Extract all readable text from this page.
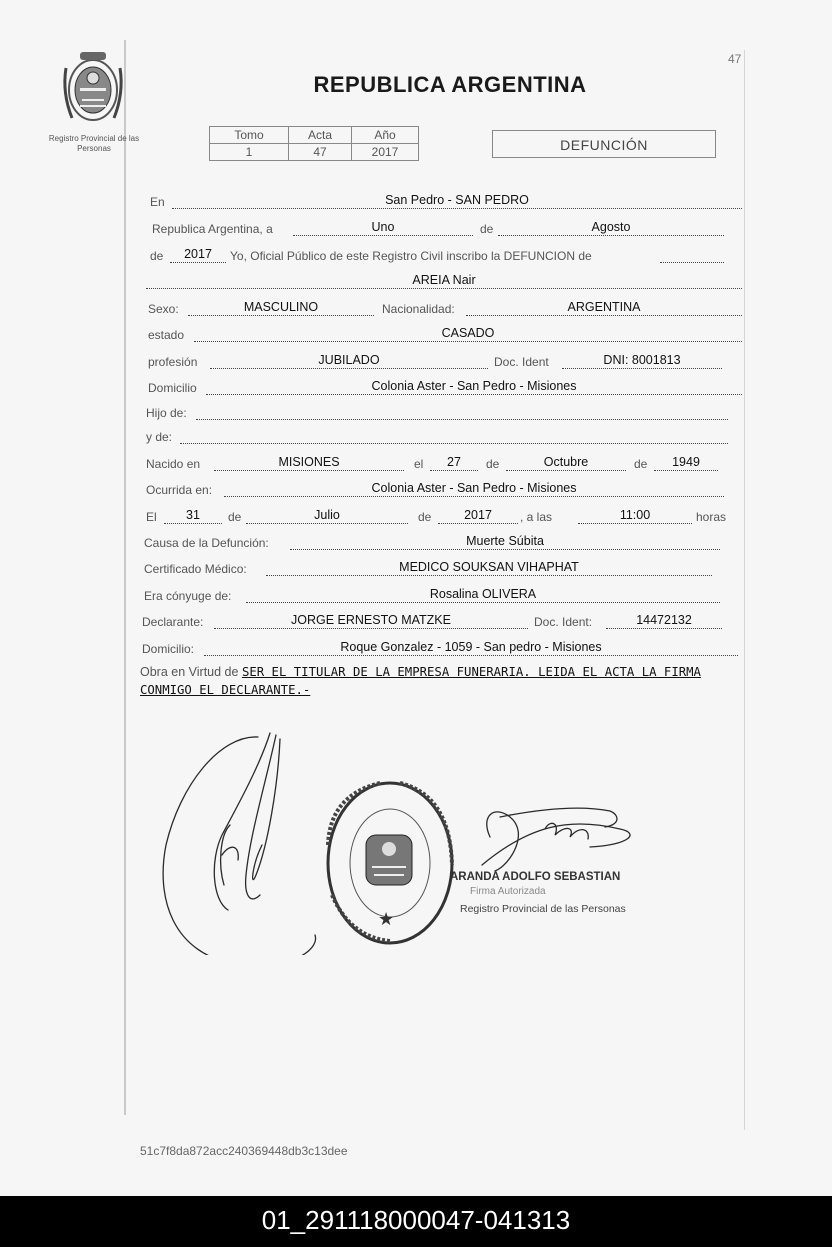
47
Registro Provincial de las Personas
REPUBLICA ARGENTINA
Tomo	Acta	Año
1	47	2017	DEFUNCIÓN
En	San Pedro - SAN PEDRO
Republica Argentina, a	Uno	de	Agosto
de	2017	Yo, Oficial Público de este Registro Civil inscribo la DEFUNCION de
AREIA Nair
Sexo:	MASCULINO	Nacionalidad:	ARGENTINA
estado	CASADO
profesión	JUBILADO	Doc. Ident	DNI: 8001813
Domicilio	Colonia Aster - San Pedro - Misiones
Hijo de:
y de:
Nacido en	MISIONES	el	27	de	Octubre	de	1949
Ocurrida en:	Colonia Aster - San Pedro - Misiones
El	31	de	Julio	de	2017	, a las	11:00	horas
Causa de la Defunción:	Muerte Súbita
Certificado Médico:	MEDICO SOUKSAN VIHAPHAT
Era cónyuge de:	Rosalina OLIVERA
Declarante:	JORGE ERNESTO MATZKE	Doc. Ident:	14472132
Domicilio:	Roque Gonzalez - 1059 - San pedro - Misiones
Obra en Virtud de SER EL TITULAR DE LA EMPRESA FUNERARIA. LEIDA EL ACTA LA FIRMA CONMIGO EL DECLARANTE.-
★
ARANDA ADOLFO SEBASTIAN
Firma Autorizada
Registro Provincial de las Personas
51c7f8da872acc240369448db3c13dee
01_291118000047-041313
